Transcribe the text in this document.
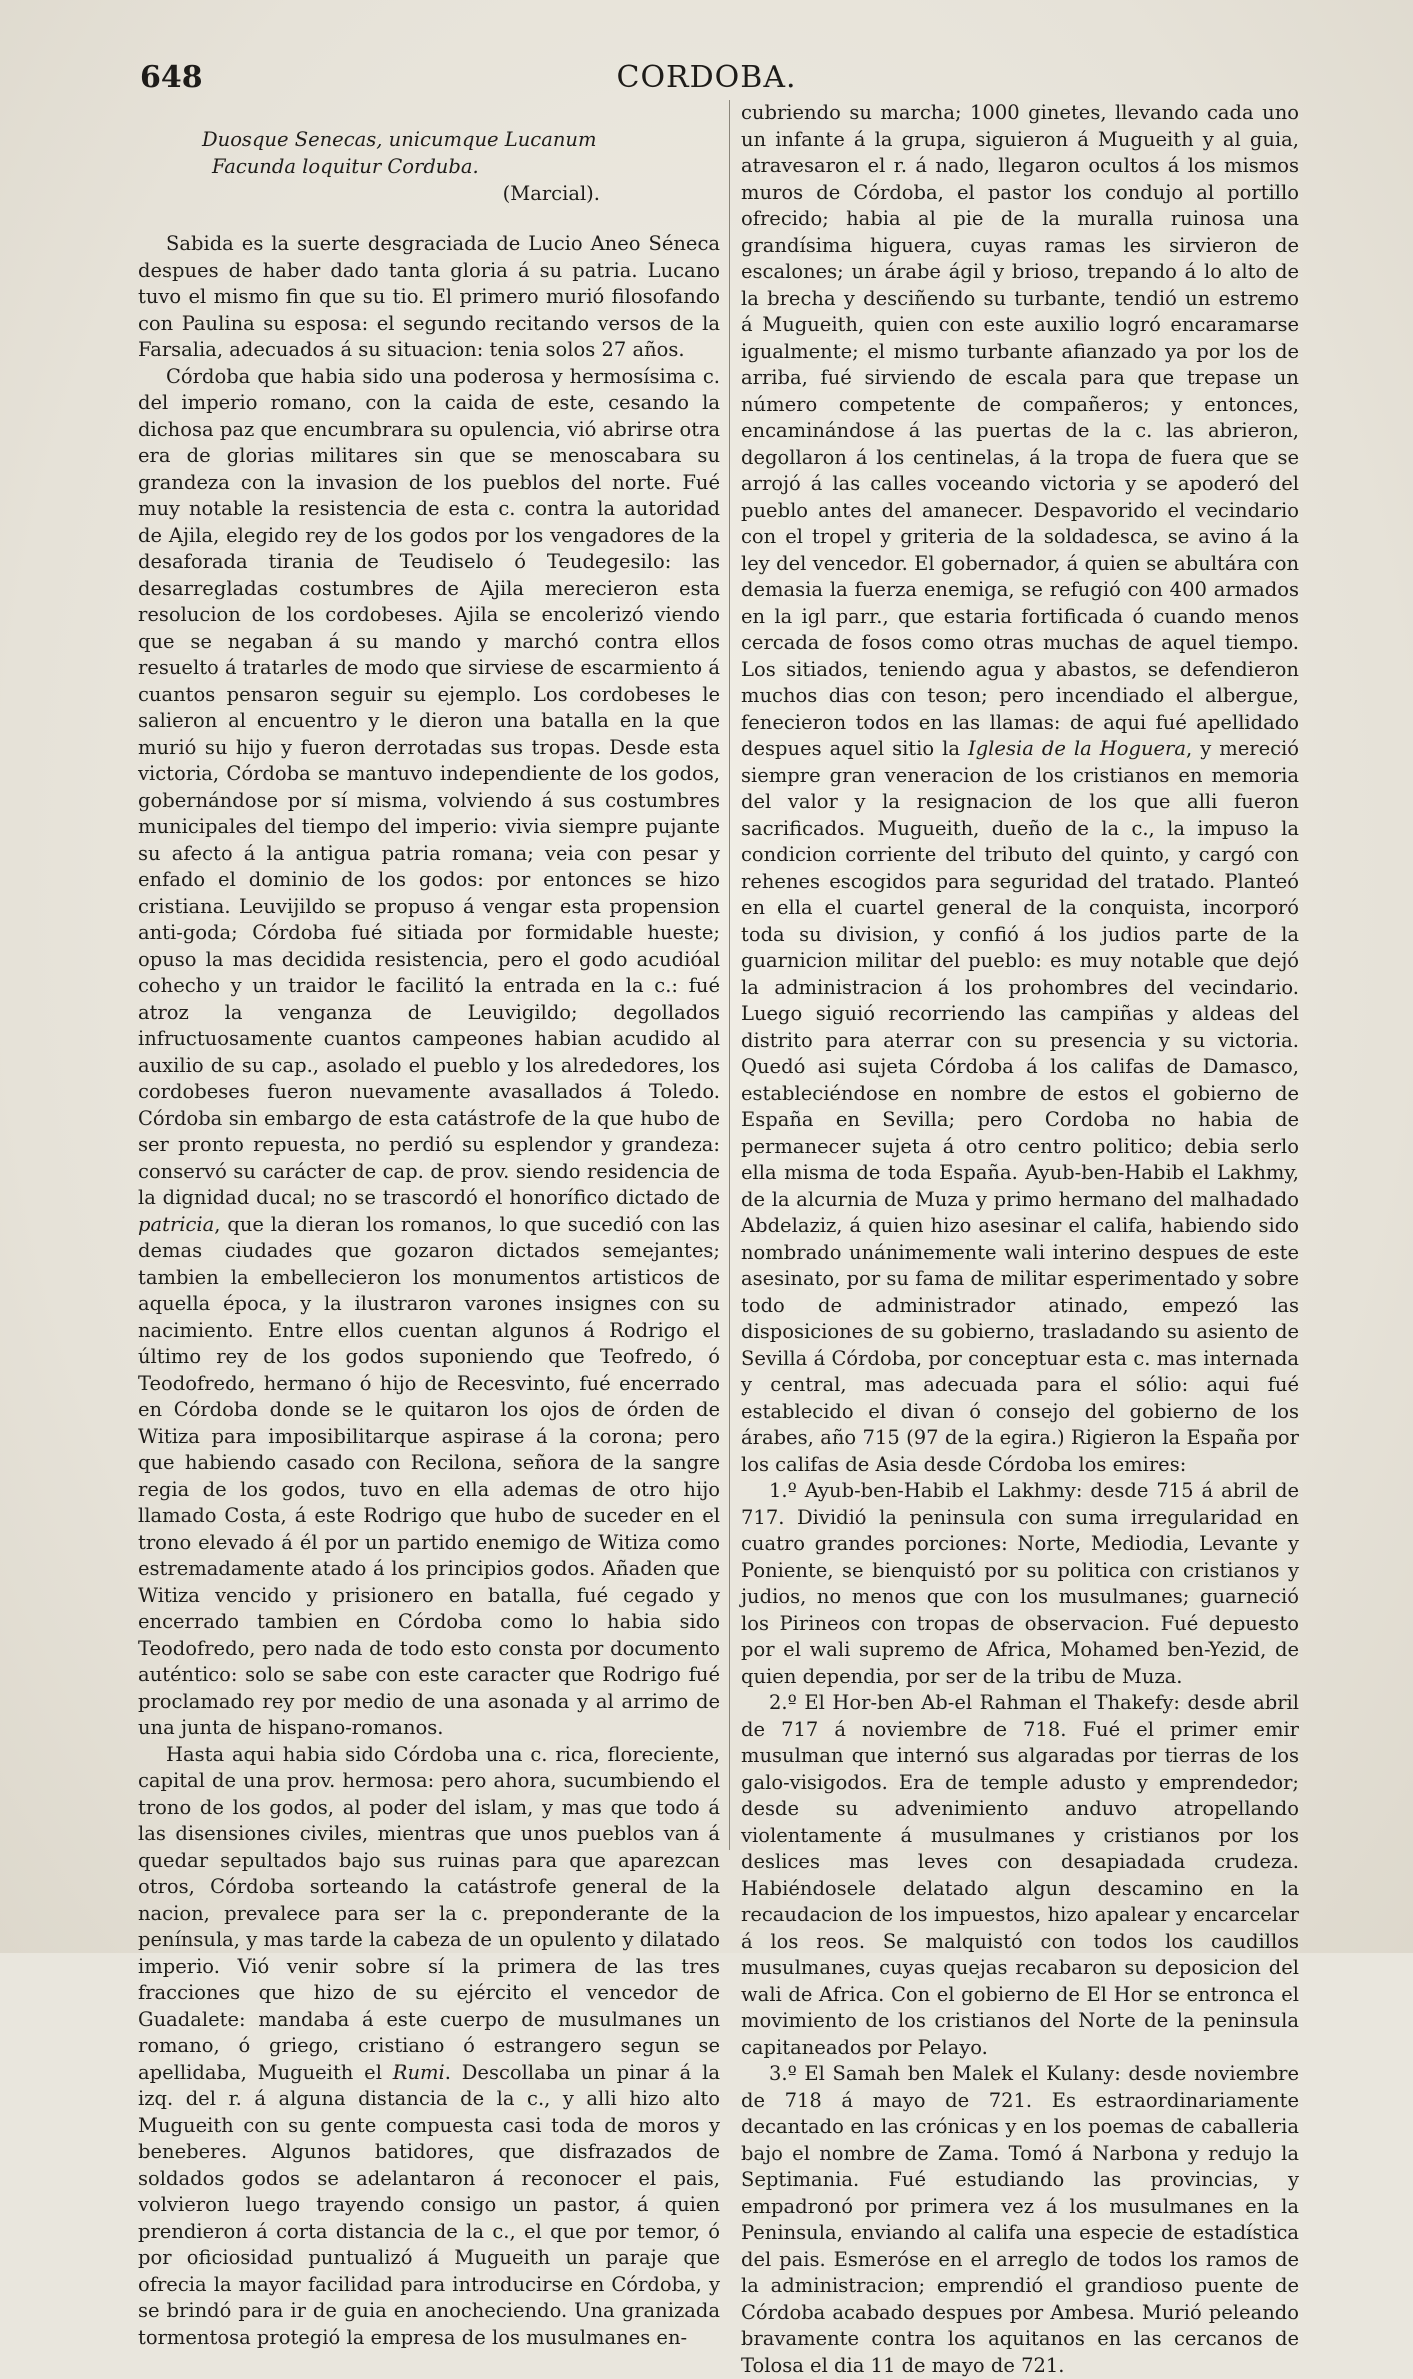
648	CORDOBA.
Duosque Senecas, unicumque Lucanum
Facunda loquitur Corduba.
(Marcial).

Sabida es la suerte desgraciada de Lucio Aneo Séneca despues de haber dado tanta gloria á su patria. Lucano tuvo el mismo fin que su tio. El primero murió filosofando con Paulina su esposa: el segundo recitando versos de la Farsalia, adecuados á su situacion: tenia solos 27 años.

Córdoba que habia sido una poderosa y hermosísima c. del imperio romano, con la caida de este, cesando la dichosa paz que encumbrara su opulencia, vió abrirse otra era de glorias militares sin que se menoscabara su grandeza con la invasion de los pueblos del norte. Fué muy notable la resistencia de esta c. contra la autoridad de Ajila, elegido rey de los godos por los vengadores de la desaforada tirania de Teudiselo ó Teudegesilo: las desarregladas costumbres de Ajila merecieron esta resolucion de los cordobeses. Ajila se encolerizó viendo que se negaban á su mando y marchó contra ellos resuelto á tratarles de modo que sirviese de escarmiento á cuantos pensaron seguir su ejemplo. Los cordobeses le salieron al encuentro y le dieron una batalla en la que murió su hijo y fueron derrotadas sus tropas. Desde esta victoria, Córdoba se mantuvo independiente de los godos, gobernándose por sí misma, volviendo á sus costumbres municipales del tiempo del imperio: vivia siempre pujante su afecto á la antigua patria romana; veia con pesar y enfado el dominio de los godos: por entonces se hizo cristiana. Leuvijildo se propuso á vengar esta propension anti-goda; Córdoba fué sitiada por formidable hueste; opuso la mas decidida resistencia, pero el godo acudióal cohecho y un traidor le facilitó la entrada en la c.: fué atroz la venganza de Leuvigildo; degollados infructuosamente cuantos campeones habian acudido al auxilio de su cap., asolado el pueblo y los alrededores, los cordobeses fueron nuevamente avasallados á Toledo. Córdoba sin embargo de esta catástrofe de la que hubo de ser pronto repuesta, no perdió su esplendor y grandeza: conservó su carácter de cap. de prov. siendo residencia de la dignidad ducal; no se trascordó el honorífico dictado de patricia, que la dieran los romanos, lo que sucedió con las demas ciudades que gozaron dictados semejantes; tambien la embellecieron los monumentos artisticos de aquella época, y la ilustraron varones insignes con su nacimiento. Entre ellos cuentan algunos á Rodrigo el último rey de los godos suponiendo que Teofredo, ó Teodofredo, hermano ó hijo de Recesvinto, fué encerrado en Córdoba donde se le quitaron los ojos de órden de Witiza para imposibilitarque aspirase á la corona; pero que habiendo casado con Recilona, señora de la sangre regia de los godos, tuvo en ella ademas de otro hijo llamado Costa, á este Rodrigo que hubo de suceder en el trono elevado á él por un partido enemigo de Witiza como estremadamente atado á los principios godos. Añaden que Witiza vencido y prisionero en batalla, fué cegado y encerrado tambien en Córdoba como lo habia sido Teodofredo, pero nada de todo esto consta por documento auténtico: solo se sabe con este caracter que Rodrigo fué proclamado rey por medio de una asonada y al arrimo de una junta de hispano-romanos.

Hasta aqui habia sido Córdoba una c. rica, floreciente, capital de una prov. hermosa: pero ahora, sucumbiendo el trono de los godos, al poder del islam, y mas que todo á las disensiones civiles, mientras que unos pueblos van á quedar sepultados bajo sus ruinas para que aparezcan otros, Córdoba sorteando la catástrofe general de la nacion, prevalece para ser la c. preponderante de la península, y mas tarde la cabeza de un opulento y dilatado imperio. Vió venir sobre sí la primera de las tres fracciones que hizo de su ejército el vencedor de Guadalete: mandaba á este cuerpo de musulmanes un romano, ó griego, cristiano ó estrangero segun se apellidaba, Mugueith el Rumi. Descollaba un pinar á la izq. del r. á alguna distancia de la c., y alli hizo alto Mugueith con su gente compuesta casi toda de moros y beneberes. Algunos batidores, que disfrazados de soldados godos se adelantaron á reconocer el pais, volvieron luego trayendo consigo un pastor, á quien prendieron á corta distancia de la c., el que por temor, ó por oficiosidad puntualizó á Mugueith un paraje que ofrecia la mayor facilidad para introducirse en Córdoba, y se brindó para ir de guia en anocheciendo. Una granizada tormentosa protegió la empresa de los musulmanes en-

cubriendo su marcha; 1000 ginetes, llevando cada uno un infante á la grupa, siguieron á Mugueith y al guia, atravesaron el r. á nado, llegaron ocultos á los mismos muros de Córdoba, el pastor los condujo al portillo ofrecido; habia al pie de la muralla ruinosa una grandísima higuera, cuyas ramas les sirvieron de escalones; un árabe ágil y brioso, trepando á lo alto de la brecha y desciñendo su turbante, tendió un estremo á Mugueith, quien con este auxilio logró encaramarse igualmente; el mismo turbante afianzado ya por los de arriba, fué sirviendo de escala para que trepase un número competente de compañeros; y entonces, encaminándose á las puertas de la c. las abrieron, degollaron á los centinelas, á la tropa de fuera que se arrojó á las calles voceando victoria y se apoderó del pueblo antes del amanecer. Despavorido el vecindario con el tropel y griteria de la soldadesca, se avino á la ley del vencedor. El gobernador, á quien se abultára con demasia la fuerza enemiga, se refugió con 400 armados en la igl parr., que estaria fortificada ó cuando menos cercada de fosos como otras muchas de aquel tiempo. Los sitiados, teniendo agua y abastos, se defendieron muchos dias con teson; pero incendiado el albergue, fenecieron todos en las llamas: de aqui fué apellidado despues aquel sitio la Iglesia de la Hoguera, y mereció siempre gran veneracion de los cristianos en memoria del valor y la resignacion de los que alli fueron sacrificados. Mugueith, dueño de la c., la impuso la condicion corriente del tributo del quinto, y cargó con rehenes escogidos para seguridad del tratado. Planteó en ella el cuartel general de la conquista, incorporó toda su division, y confió á los judios parte de la guarnicion militar del pueblo: es muy notable que dejó la administracion á los prohombres del vecindario. Luego siguió recorriendo las campiñas y aldeas del distrito para aterrar con su presencia y su victoria. Quedó asi sujeta Córdoba á los califas de Damasco, estableciéndose en nombre de estos el gobierno de España en Sevilla; pero Cordoba no habia de permanecer sujeta á otro centro politico; debia serlo ella misma de toda España. Ayub-ben-Habib el Lakhmy, de la alcurnia de Muza y primo hermano del malhadado Abdelaziz, á quien hizo asesinar el califa, habiendo sido nombrado unánimemente wali interino despues de este asesinato, por su fama de militar esperimentado y sobre todo de administrador atinado, empezó las disposiciones de su gobierno, trasladando su asiento de Sevilla á Córdoba, por conceptuar esta c. mas internada y central, mas adecuada para el sólio: aqui fué establecido el divan ó consejo del gobierno de los árabes, año 715 (97 de la egira.) Rigieron la España por los califas de Asia desde Córdoba los emires:

1.º Ayub-ben-Habib el Lakhmy: desde 715 á abril de 717. Dividió la peninsula con suma irregularidad en cuatro grandes porciones: Norte, Mediodia, Levante y Poniente, se bienquistó por su politica con cristianos y judios, no menos que con los musulmanes; guarneció los Pirineos con tropas de observacion. Fué depuesto por el wali supremo de Africa, Mohamed ben-Yezid, de quien dependia, por ser de la tribu de Muza.

2.º El Hor-ben Ab-el Rahman el Thakefy: desde abril de 717 á noviembre de 718. Fué el primer emir musulman que internó sus algaradas por tierras de los galo-visigodos. Era de temple adusto y emprendedor; desde su advenimiento anduvo atropellando violentamente á musulmanes y cristianos por los deslices mas leves con desapiadada crudeza. Habiéndosele delatado algun descamino en la recaudacion de los impuestos, hizo apalear y encarcelar á los reos. Se malquistó con todos los caudillos musulmanes, cuyas quejas recabaron su deposicion del wali de Africa. Con el gobierno de El Hor se entronca el movimiento de los cristianos del Norte de la peninsula capitaneados por Pelayo.

3.º El Samah ben Malek el Kulany: desde noviembre de 718 á mayo de 721. Es estraordinariamente decantado en las crónicas y en los poemas de caballeria bajo el nombre de Zama. Tomó á Narbona y redujo la Septimania. Fué estudiando las provincias, y empadronó por primera vez á los musulmanes en la Peninsula, enviando al califa una especie de estadística del pais. Esmeróse en el arreglo de todos los ramos de la administracion; emprendió el grandioso puente de Córdoba acabado despues por Ambesa. Murió peleando bravamente contra los aquitanos en las cercanos de Tolosa el dia 11 de mayo de 721.
